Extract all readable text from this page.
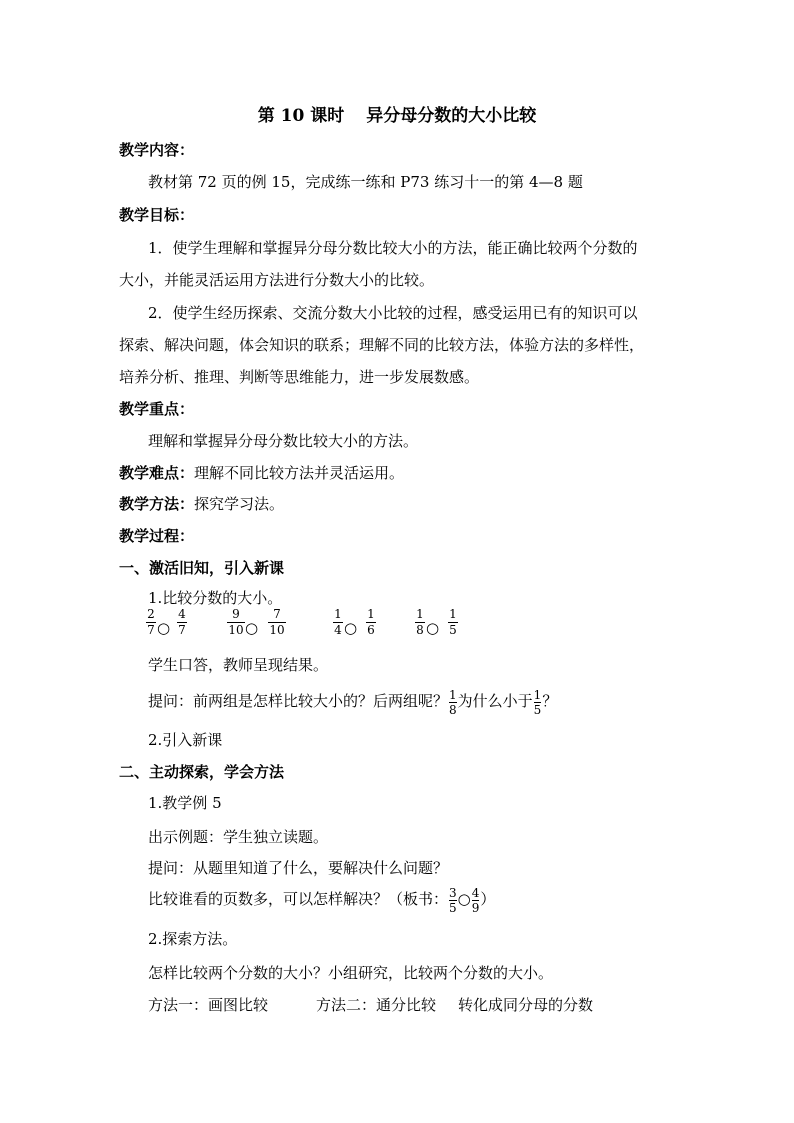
第 10 课时 异分母分数的大小比较
教学内容：
教材第 72 页的例 15，完成练一练和 P73 练习十一的第 4—8 题
教学目标：
1．使学生理解和掌握异分母分数比较大小的方法，能正确比较两个分数的
大小，并能灵活运用方法进行分数大小的比较。
2．使学生经历探索、交流分数大小比较的过程，感受运用已有的知识可以
探索、解决问题，体会知识的联系；理解不同的比较方法，体验方法的多样性，
培养分析、推理、判断等思维能力，进一步发展数感。
教学重点：
理解和掌握异分母分数比较大小的方法。
教学难点：理解不同比较方法并灵活运用。
教学方法：探究学习法。
教学过程：
一、激活旧知，引入新课
1.比较分数的大小。
2
7 ○
4
7
9
10 ○
7
10
1
4 ○
1
6
1
8 ○
1
5
学生口答，教师呈现结果。
提问：前两组是怎样比较大小的？后两组呢？ $\frac{1}{8}$ 为什么小于 $\frac{1}{5}$ ？
2.引入新课
二、主动探索，学会方法
1.教学例 5
出示例题：学生独立读题。
提问：从题里知道了什么，要解决什么问题？
比较谁看的页数多，可以怎样解决？（板书： $\frac{3}{5}$ ○ $\frac{4}{9}$ ）
2.探索方法。
怎样比较两个分数的大小？小组研究，比较两个分数的大小。
方法一：画图比较	方法二：通分比较 转化成同分母的分数
